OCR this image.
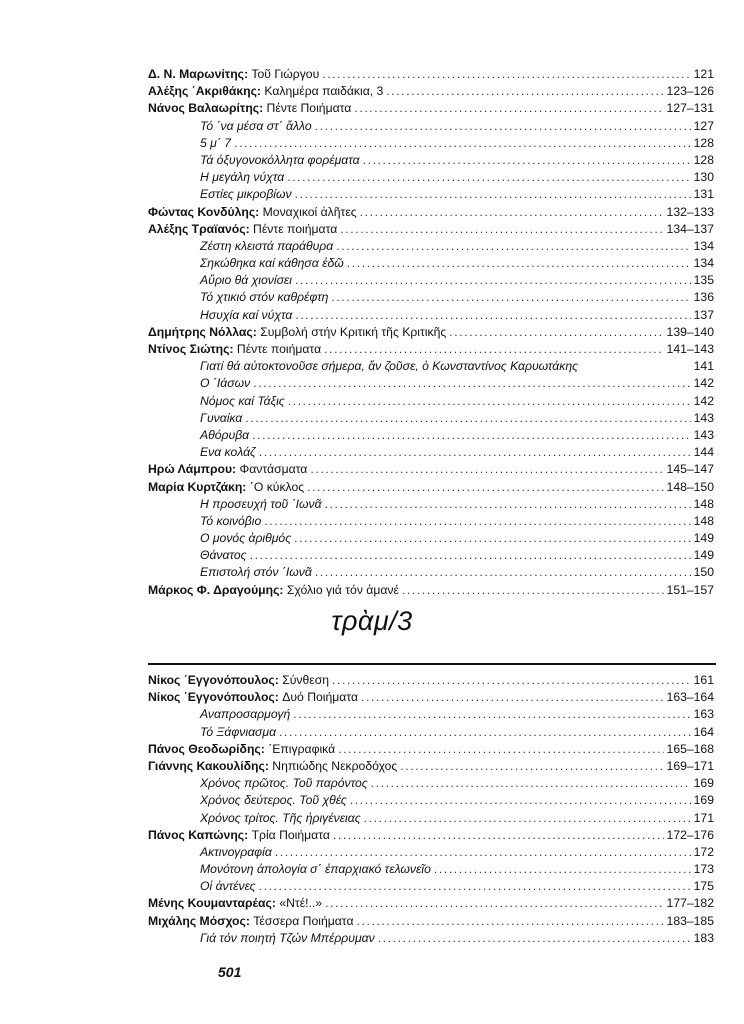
Δ. Ν. Μαρωνίτης:
Τοῦ Γιώργου .....	121
Αλέξης ΄Ακριθάκης:
Καλημέρα παιδάκια, 3 .....	123–126
Νάνος Βαλαωρίτης:
Πέντε Ποιήματα .....	127–131
Τό ΄να μέσα στ΄ ἄλλο .....	127
5 μ΄ 7 .....	128
Τά ὀξυγονοκόλλητα φορέματα .....	128
Η μεγάλη νύχτα .....	130
Εστίες μικροβίων .....	131
Φώντας Κονδύλης:
Μοναχικοί ἀλῆτες .....	132–133
Αλέξης Τραϊανός:
Πέντε ποιήματα .....	134–137
Ζέστη κλειστά παράθυρα .....	134
Σηκώθηκα καί κάθησα ἐδῶ .....	134
Αὔριο θά χιονίσει .....	135
Τό χτικιό στόν καθρέφτη .....	136
Ησυχία καί νύχτα .....	137
Δημήτρης Νόλλας:
Συμβολή στήν Κριτική τῆς Κριτικῆς .....	139–140
Ντίνος Σιώτης:
Πέντε ποιήματα .....	141–143
Γιατί θά αὐτοκτονοῦσε σήμερα, ἄν ζοῦσε, ὁ Κωνσταντίνος Καρυωτάκης	141
Ο ΄Ιάσων .....	142
Νόμος καί Τάξις .....	142
Γυναίκα .....	143
Αθόρυβα .....	143
Ενα κολάζ .....	144
Ηρώ Λάμπρου:
Φαντάσματα .....	145–147
Μαρία Κυρτζάκη:
΄Ο κύκλος .....	148–150
Η προσευχή τοῦ ΄Ιωνᾶ .....	148
Τό κοινόβιο .....	148
Ο μονός ἀριθμός .....	149
Θάνατος .....	149
Επιστολή στόν ΄Ιωνᾶ .....	150
Μάρκος Φ. Δραγούμης:
Σχόλιο γιά τόν ἀμανέ .....	151–157
τρὰμ/3
Νίκος ΄Εγγονόπουλος:
Σύνθεση .....	161
Νίκος ΄Εγγονόπουλος:
Δυό Ποιήματα .....	163–164
Αναπροσαρμογή .....	163
Τό Ξάφνιασμα .....	164
Πάνος Θεοδωρίδης:
΄Επιγραφικά .....	165–168
Γιάννης Κακουλίδης:
Νηπιώδης Νεκροδόχος .....	169–171
Χρόνος πρῶτος. Τοῦ παρόντος .....	169
Χρόνος δεύτερος. Τοῦ χθές .....	169
Χρόνος τρίτος. Τῆς ἠριγένειας .....	171
Πάνος Καπώνης:
Τρία Ποιήματα .....	172–176
Ακτινογραφία .....	172
Μονότονη ἀπολογία σ΄ ἐπαρχιακό τελωνεῖο .....	173
Οἱ ἀντένες .....	175
Μένης Κουμανταρέας:
«Ντέ!..» .....	177–182
Μιχάλης Μόσχος:
Τέσσερα Ποιήματα .....	183–185
Γιά τόν ποιητή Τζών Μπέρρυμαν .....	183
501
